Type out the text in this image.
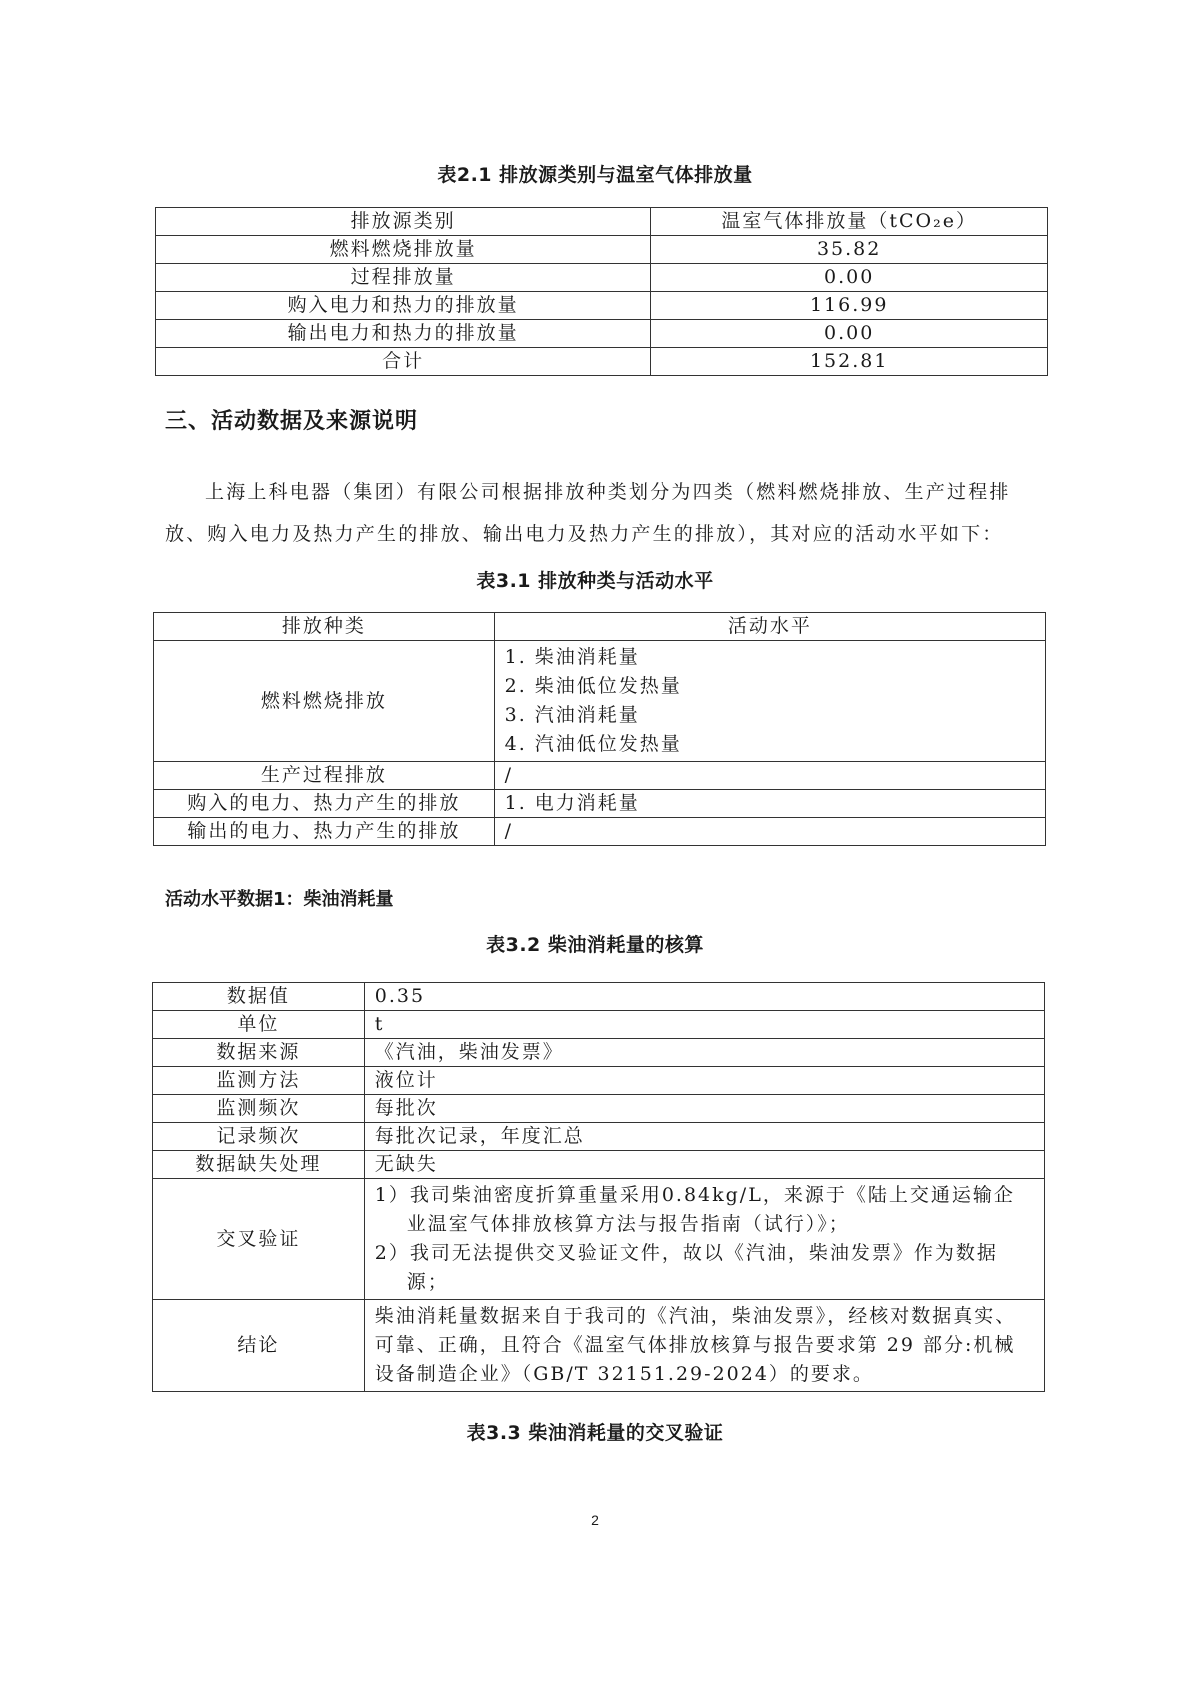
表2.1 排放源类别与温室气体排放量
排放源类别	温室气体排放量（tCO₂e）
燃料燃烧排放量	35.82
过程排放量	0.00
购入电力和热力的排放量	116.99
输出电力和热力的排放量	0.00
合计	152.81
三、活动数据及来源说明
上海上科电器（集团）有限公司根据排放种类划分为四类（燃料燃烧排放、生产过程排放、购入电力及热力产生的排放、输出电力及热力产生的排放），其对应的活动水平如下：
表3.1 排放种类与活动水平
排放种类	活动水平
燃料燃烧排放	1. 柴油消耗量
2. 柴油低位发热量
3. 汽油消耗量
4. 汽油低位发热量

生产过程排放	/
购入的电力、热力产生的排放	1. 电力消耗量
输出的电力、热力产生的排放	/
活动水平数据1：柴油消耗量
表3.2 柴油消耗量的核算
数据值	0.35
单位	t
数据来源	《汽油，柴油发票》
监测方法	液位计
监测频次	每批次
记录频次	每批次记录，年度汇总
数据缺失处理	无缺失
交叉验证	1）我司柴油密度折算重量采用0.84kg/L，来源于《陆上交通运输企业温室气体排放核算方法与报告指南（试行）》；
2）我司无法提供交叉验证文件，故以《汽油，柴油发票》作为数据源；

结论	柴油消耗量数据来自于我司的《汽油，柴油发票》，经核对数据真实、可靠、正确，且符合《温室气体排放核算与报告要求第 29 部分:机械设备制造企业》（GB/T 32151.29-2024）的要求。
表3.3 柴油消耗量的交叉验证
2
